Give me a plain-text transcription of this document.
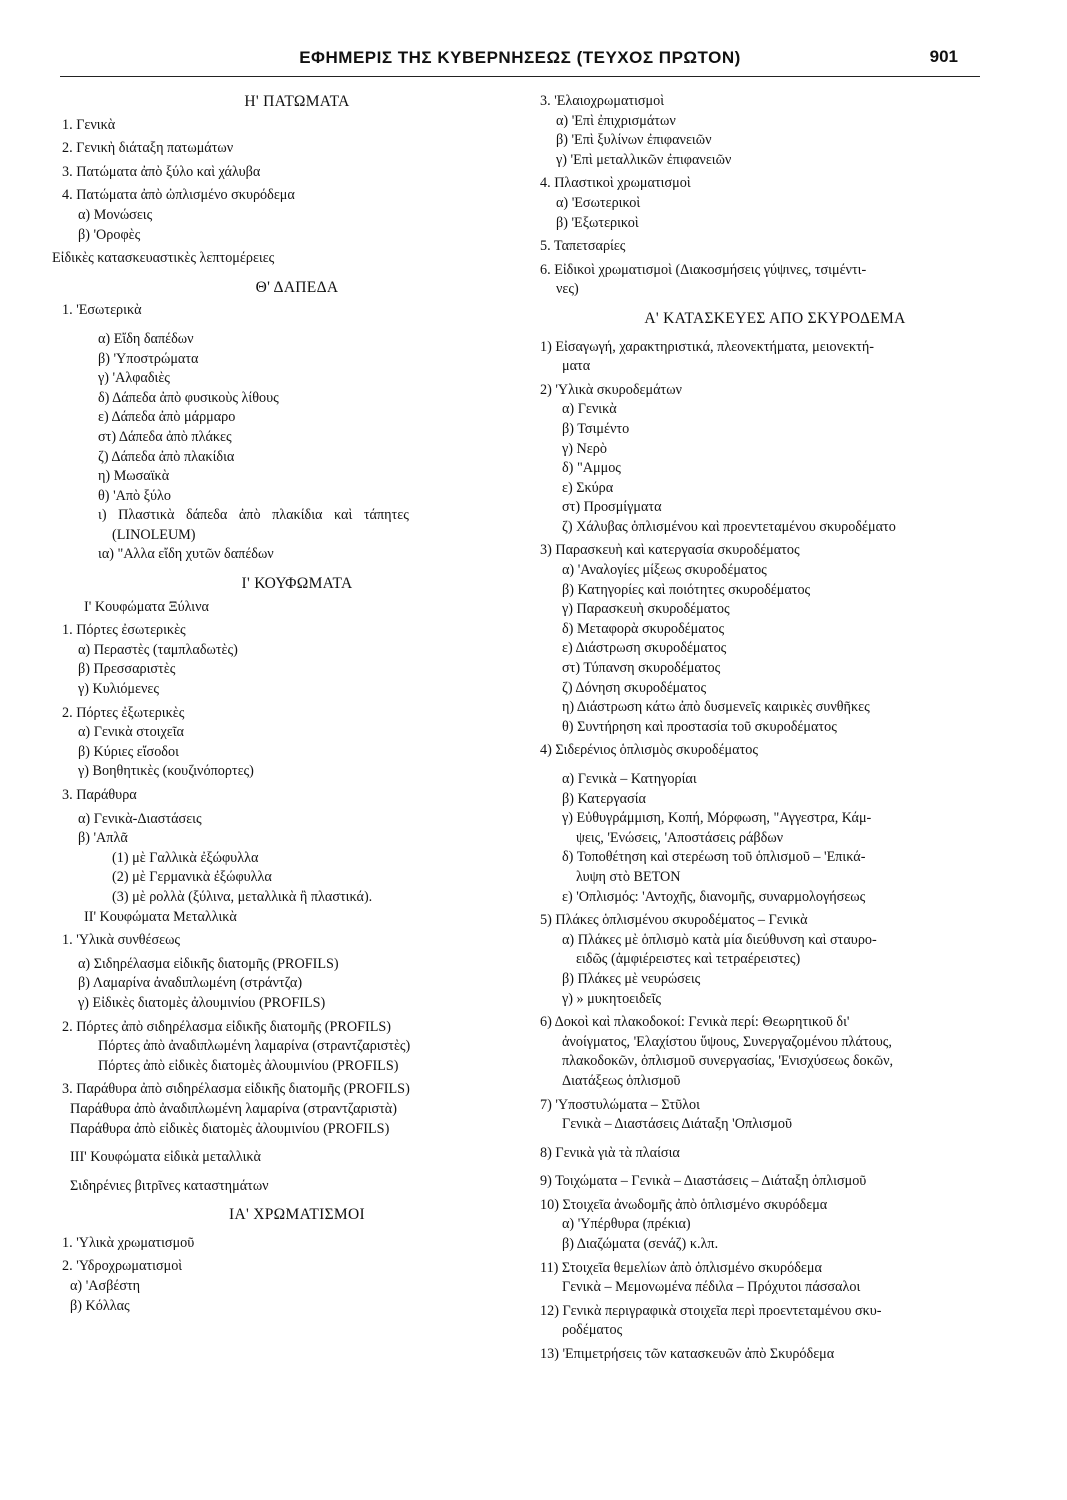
ΕΦΗΜΕΡΙΣ ΤΗΣ ΚΥΒΕΡΝΗΣΕΩΣ (ΤΕΥΧΟΣ ΠΡΩΤΟΝ)	901
Η' ΠΑΤΩΜΑΤΑ
1. Γενικὰ
2. Γενικὴ διάταξη πατωμάτων
3. Πατώματα ἀπὸ ξύλο καὶ χάλυβα
4. Πατώματα ἀπὸ ὠπλισμένο σκυρόδεμα
α) Μονώσεις
β) 'Οροφὲς
Εἰδικὲς κατασκευαστικὲς λεπτομέρειες
Θ' ΔΑΠΕΔΑ
1. 'Εσωτερικὰ
α) Εἴδη δαπέδων
β) 'Υποστρώματα
γ) 'Αλφαδιὲς
δ) Δάπεδα ἀπὸ φυσικοὺς λίθους
ε) Δάπεδα ἀπὸ μάρμαρο
στ) Δάπεδα ἀπὸ πλάκες
ζ) Δάπεδα ἀπὸ πλακίδια
η) Μωσαϊκὰ
θ) 'Απὸ ξύλο
ι) Πλαστικὰ δάπεδα ἀπὸ πλακίδια καὶ τάπητες
(LINOLEUM)
ια) "Αλλα εἴδη χυτῶν δαπέδων
Ι' ΚΟΥΦΩΜΑΤΑ
Ι' Κουφώματα Ξύλινα
1. Πόρτες ἐσωτερικὲς
α) Περαστὲς (ταμπλαδωτὲς)
β) Πρεσσαριστὲς
γ) Κυλιόμενες
2. Πόρτες ἐξωτερικὲς
α) Γενικὰ στοιχεῖα
β) Κύριες εἴσοδοι
γ) Βοηθητικὲς (κουζινόπορτες)
3. Παράθυρα
α) Γενικὰ-Διαστάσεις
β) 'Απλᾶ
(1) μὲ Γαλλικὰ ἐξώφυλλα
(2) μὲ Γερμανικὰ ἐξώφυλλα
(3) μὲ ρολλὰ (ξύλινα, μεταλλικὰ ἢ πλαστικά).
ΙΙ' Κουφώματα Μεταλλικὰ
1. 'Υλικὰ συνθέσεως
α) Σιδηρέλασμα εἰδικῆς διατομῆς (PROFILS)
β) Λαμαρίνα ἀναδιπλωμένη (στράντζα)
γ) Εἰδικὲς διατομὲς ἀλουμινίου (PROFILS)
2. Πόρτες ἀπὸ σιδηρέλασμα εἰδικῆς διατομῆς (PROFILS)
Πόρτες ἀπὸ ἀναδιπλωμένη λαμαρίνα (στραντζαριστὲς)
Πόρτες ἀπὸ εἰδικὲς διατομὲς ἀλουμινίου (PROFILS)
3. Παράθυρα ἀπὸ σιδηρέλασμα εἰδικῆς διατομῆς (PROFILS)
Παράθυρα ἀπὸ ἀναδιπλωμένη λαμαρίνα (στραντζαριστὰ)
Παράθυρα ἀπὸ εἰδικὲς διατομὲς ἀλουμινίου (PROFILS)
ΙΙΙ' Κουφώματα εἰδικὰ μεταλλικὰ
Σιδηρένιες βιτρῖνες καταστημάτων
ΙΑ' ΧΡΩΜΑΤΙΣΜΟΙ
1. 'Υλικὰ χρωματισμοῦ
2. 'Υδροχρωματισμοὶ
α) 'Ασβέστη
β) Κόλλας
3. 'Ελαιοχρωματισμοὶ
α) 'Επὶ ἐπιχρισμάτων
β) 'Επὶ ξυλίνων ἐπιφανειῶν
γ) 'Επὶ μεταλλικῶν ἐπιφανειῶν
4. Πλαστικοὶ χρωματισμοὶ
α) 'Εσωτερικοὶ
β) 'Εξωτερικοὶ
5. Ταπετσαρίες
6. Εἰδικοὶ χρωματισμοὶ (Διακοσμήσεις γύψινες, τσιμέντι-
νες)
Α' ΚΑΤΑΣΚΕΥΕΣ ΑΠΟ ΣΚΥΡΟΔΕΜΑ
1) Εἰσαγωγή, χαρακτηριστικά, πλεονεκτήματα, μειονεκτή-
ματα
2) 'Υλικὰ σκυροδεμάτων
α) Γενικὰ
β) Τσιμέντο
γ) Νερὸ
δ) "Αμμος
ε) Σκύρα
στ) Προσμίγματα
ζ) Χάλυβας ὁπλισμένου καὶ προεντεταμένου σκυροδέματο
3) Παρασκευὴ καὶ κατεργασία σκυροδέματος
α) 'Αναλογίες μίξεως σκυροδέματος
β) Κατηγορίες καὶ ποιότητες σκυροδέματος
γ) Παρασκευὴ σκυροδέματος
δ) Μεταφορὰ σκυροδέματος
ε) Διάστρωση σκυροδέματος
στ) Τύπανση σκυροδέματος
ζ) Δόνηση σκυροδέματος
η) Διάστρωση κάτω ἀπὸ δυσμενεῖς καιρικὲς συνθῆκες
θ) Συντήρηση καὶ προστασία τοῦ σκυροδέματος
4) Σιδερένιος ὁπλισμὸς σκυροδέματος
α) Γενικὰ – Κατηγορίαι
β) Κατεργασία
γ) Εὐθυγράμμιση, Κοπή, Μόρφωση, "Αγγεστρα, Κάμ-
ψεις, 'Ενώσεις, 'Αποστάσεις ράβδων
δ) Τοποθέτηση καὶ στερέωση τοῦ ὁπλισμοῦ – 'Επικά-
λυψη στὸ ΒΕΤΟΝ
ε) 'Οπλισμός: 'Αντοχῆς, διανομῆς, συναρμολογήσεως
5) Πλάκες ὁπλισμένου σκυροδέματος – Γενικὰ
α) Πλάκες μὲ ὁπλισμὸ κατὰ μία διεύθυνση καὶ σταυρο-
ειδῶς (ἀμφιέρειστες καὶ τετραέρειστες)
β) Πλάκες μὲ νευρώσεις
γ) » μυκητοειδεῖς
6) Δοκοὶ καὶ πλακοδοκοί: Γενικὰ περί: Θεωρητικοῦ δι'
ἀνοίγματος, 'Ελαχίστου ὕψους, Συνεργαζομένου πλάτους,
πλακοδοκῶν, ὁπλισμοῦ συνεργασίας, 'Ενισχύσεως δοκῶν,
Διατάξεως ὁπλισμοῦ
7) 'Υποστυλώματα – Στῦλοι
Γενικὰ – Διαστάσεις Διάταξη 'Οπλισμοῦ
8) Γενικὰ γιὰ τὰ πλαίσια
9) Τοιχώματα – Γενικὰ – Διαστάσεις – Διάταξη ὁπλισμοῦ
10) Στοιχεῖα ἀνωδομῆς ἀπὸ ὁπλισμένο σκυρόδεμα
α) 'Υπέρθυρα (πρέκια)
β) Διαζώματα (σενάζ) κ.λπ.
11) Στοιχεῖα θεμελίων ἀπὸ ὁπλισμένο σκυρόδεμα
Γενικὰ – Μεμονωμένα πέδιλα – Πρόχυτοι πάσσαλοι
12) Γενικὰ περιγραφικὰ στοιχεῖα περὶ προεντεταμένου σκυ-
ροδέματος
13) 'Επιμετρήσεις τῶν κατασκευῶν ἀπὸ Σκυρόδεμα
